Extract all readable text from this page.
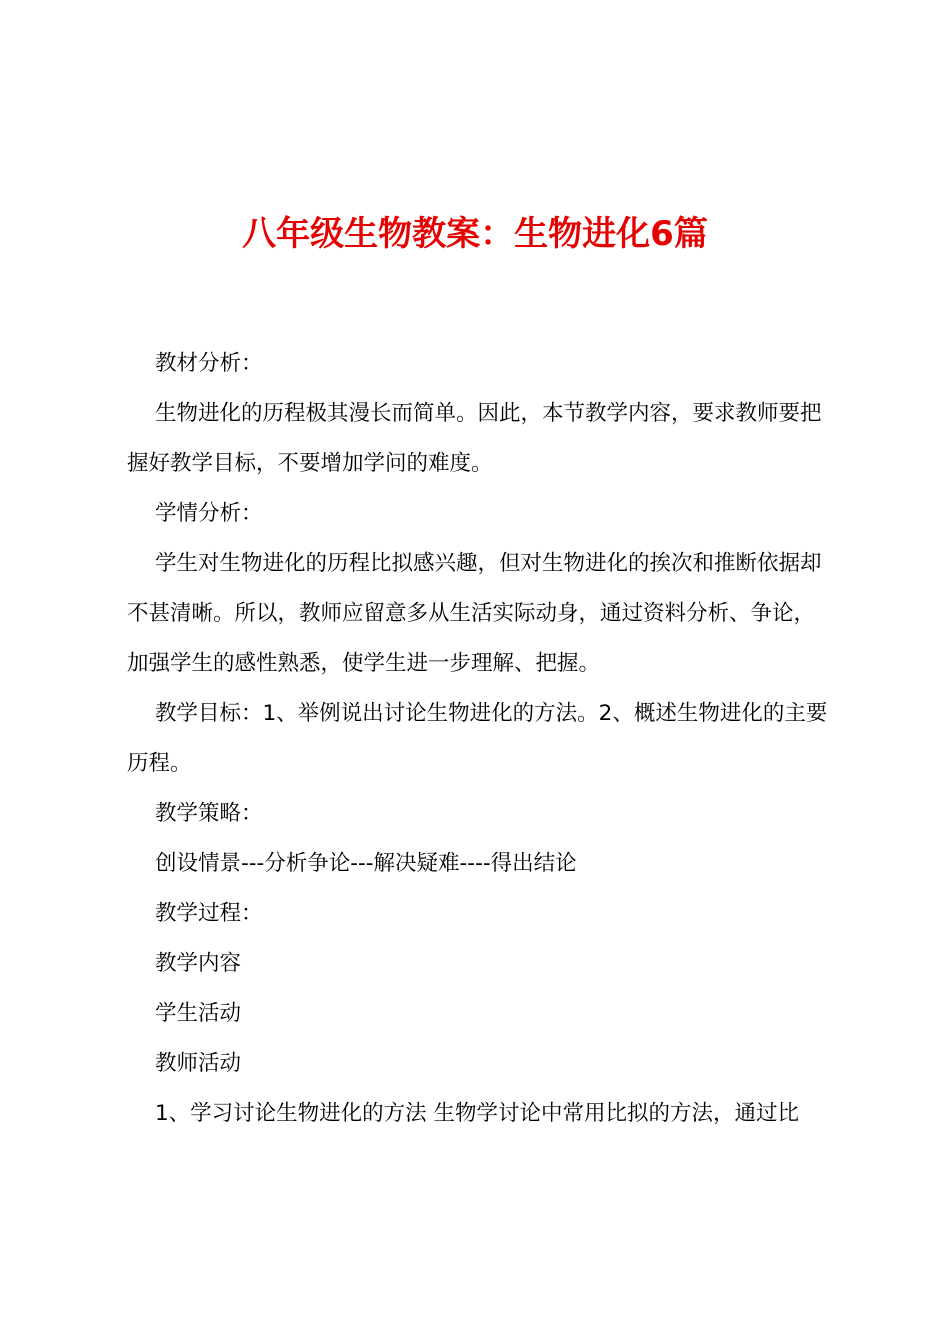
八年级生物教案：生物进化6篇

教材分析：

生物进化的历程极其漫长而简单。因此，本节教学内容，要求教师要把握好教学目标，不要增加学问的难度。

学情分析：

学生对生物进化的历程比拟感兴趣，但对生物进化的挨次和推断依据却不甚清晰。所以，教师应留意多从生活实际动身，通过资料分析、争论，加强学生的感性熟悉，使学生进一步理解、把握。

教学目标：1、举例说出讨论生物进化的方法。2、概述生物进化的主要历程。

教学策略：

创设情景---分析争论---解决疑难----得出结论

教学过程：

教学内容

学生活动

教师活动

1、学习讨论生物进化的方法 生物学讨论中常用比拟的方法，通过比
